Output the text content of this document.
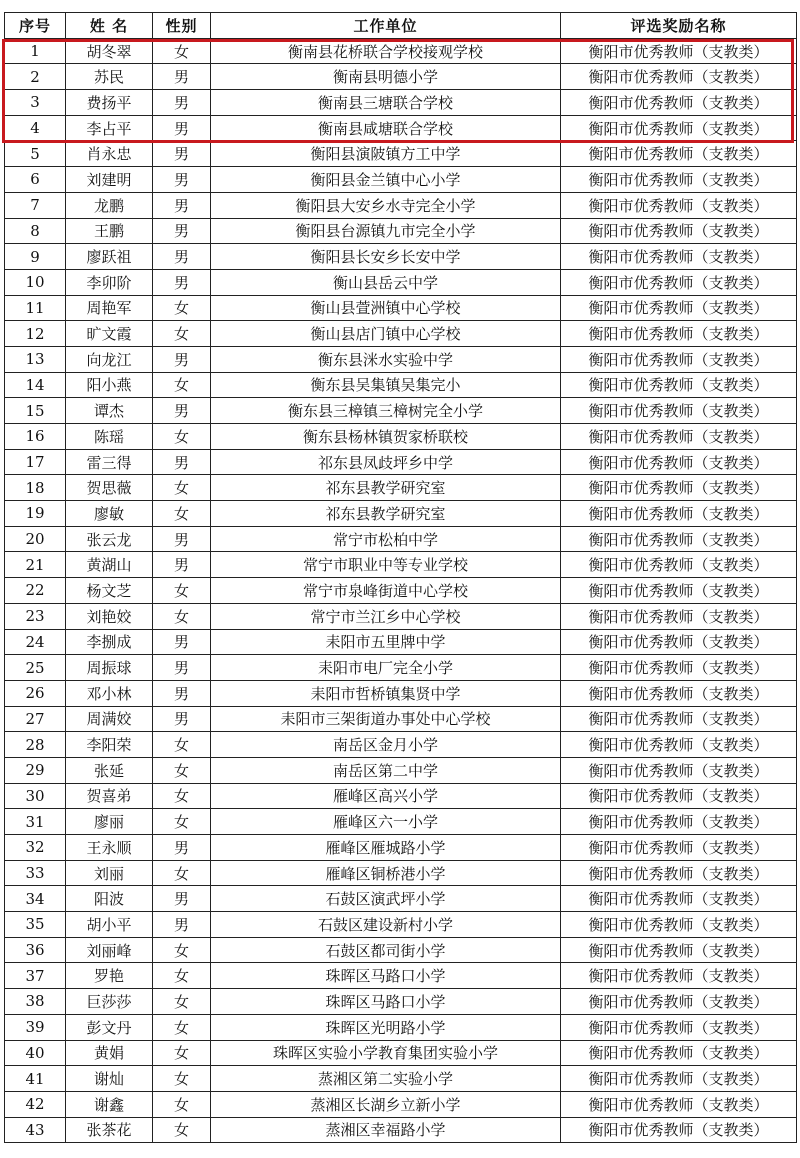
序号	姓 名	性别	工作单位	评选奖励名称
1	胡冬翠	女	衡南县花桥联合学校接观学校	衡阳市优秀教师（支教类）
2	苏民	男	衡南县明德小学	衡阳市优秀教师（支教类）
3	费扬平	男	衡南县三塘联合学校	衡阳市优秀教师（支教类）
4	李占平	男	衡南县咸塘联合学校	衡阳市优秀教师（支教类）
5	肖永忠	男	衡阳县演陂镇方工中学	衡阳市优秀教师（支教类）
6	刘建明	男	衡阳县金兰镇中心小学	衡阳市优秀教师（支教类）
7	龙鹏	男	衡阳县大安乡水寺完全小学	衡阳市优秀教师（支教类）
8	王鹏	男	衡阳县台源镇九市完全小学	衡阳市优秀教师（支教类）
9	廖跃祖	男	衡阳县长安乡长安中学	衡阳市优秀教师（支教类）
10	李卯阶	男	衡山县岳云中学	衡阳市优秀教师（支教类）
11	周艳军	女	衡山县萱洲镇中心学校	衡阳市优秀教师（支教类）
12	旷文霞	女	衡山县店门镇中心学校	衡阳市优秀教师（支教类）
13	向龙江	男	衡东县洣水实验中学	衡阳市优秀教师（支教类）
14	阳小燕	女	衡东县吴集镇吴集完小	衡阳市优秀教师（支教类）
15	谭杰	男	衡东县三樟镇三樟树完全小学	衡阳市优秀教师（支教类）
16	陈瑶	女	衡东县杨林镇贺家桥联校	衡阳市优秀教师（支教类）
17	雷三得	男	祁东县凤歧坪乡中学	衡阳市优秀教师（支教类）
18	贺思薇	女	祁东县教学研究室	衡阳市优秀教师（支教类）
19	廖敏	女	祁东县教学研究室	衡阳市优秀教师（支教类）
20	张云龙	男	常宁市松柏中学	衡阳市优秀教师（支教类）
21	黄湖山	男	常宁市职业中等专业学校	衡阳市优秀教师（支教类）
22	杨文芝	女	常宁市泉峰街道中心学校	衡阳市优秀教师（支教类）
23	刘艳姣	女	常宁市兰江乡中心学校	衡阳市优秀教师（支教类）
24	李捌成	男	耒阳市五里牌中学	衡阳市优秀教师（支教类）
25	周振球	男	耒阳市电厂完全小学	衡阳市优秀教师（支教类）
26	邓小林	男	耒阳市哲桥镇集贤中学	衡阳市优秀教师（支教类）
27	周满姣	男	耒阳市三架街道办事处中心学校	衡阳市优秀教师（支教类）
28	李阳荣	女	南岳区金月小学	衡阳市优秀教师（支教类）
29	张延	女	南岳区第二中学	衡阳市优秀教师（支教类）
30	贺喜弟	女	雁峰区高兴小学	衡阳市优秀教师（支教类）
31	廖丽	女	雁峰区六一小学	衡阳市优秀教师（支教类）
32	王永顺	男	雁峰区雁城路小学	衡阳市优秀教师（支教类）
33	刘丽	女	雁峰区铜桥港小学	衡阳市优秀教师（支教类）
34	阳波	男	石鼓区演武坪小学	衡阳市优秀教师（支教类）
35	胡小平	男	石鼓区建设新村小学	衡阳市优秀教师（支教类）
36	刘丽峰	女	石鼓区都司街小学	衡阳市优秀教师（支教类）
37	罗艳	女	珠晖区马路口小学	衡阳市优秀教师（支教类）
38	巨莎莎	女	珠晖区马路口小学	衡阳市优秀教师（支教类）
39	彭文丹	女	珠晖区光明路小学	衡阳市优秀教师（支教类）
40	黄娟	女	珠晖区实验小学教育集团实验小学	衡阳市优秀教师（支教类）
41	谢灿	女	蒸湘区第二实验小学	衡阳市优秀教师（支教类）
42	谢鑫	女	蒸湘区长湖乡立新小学	衡阳市优秀教师（支教类）
43	张茶花	女	蒸湘区幸福路小学	衡阳市优秀教师（支教类）
